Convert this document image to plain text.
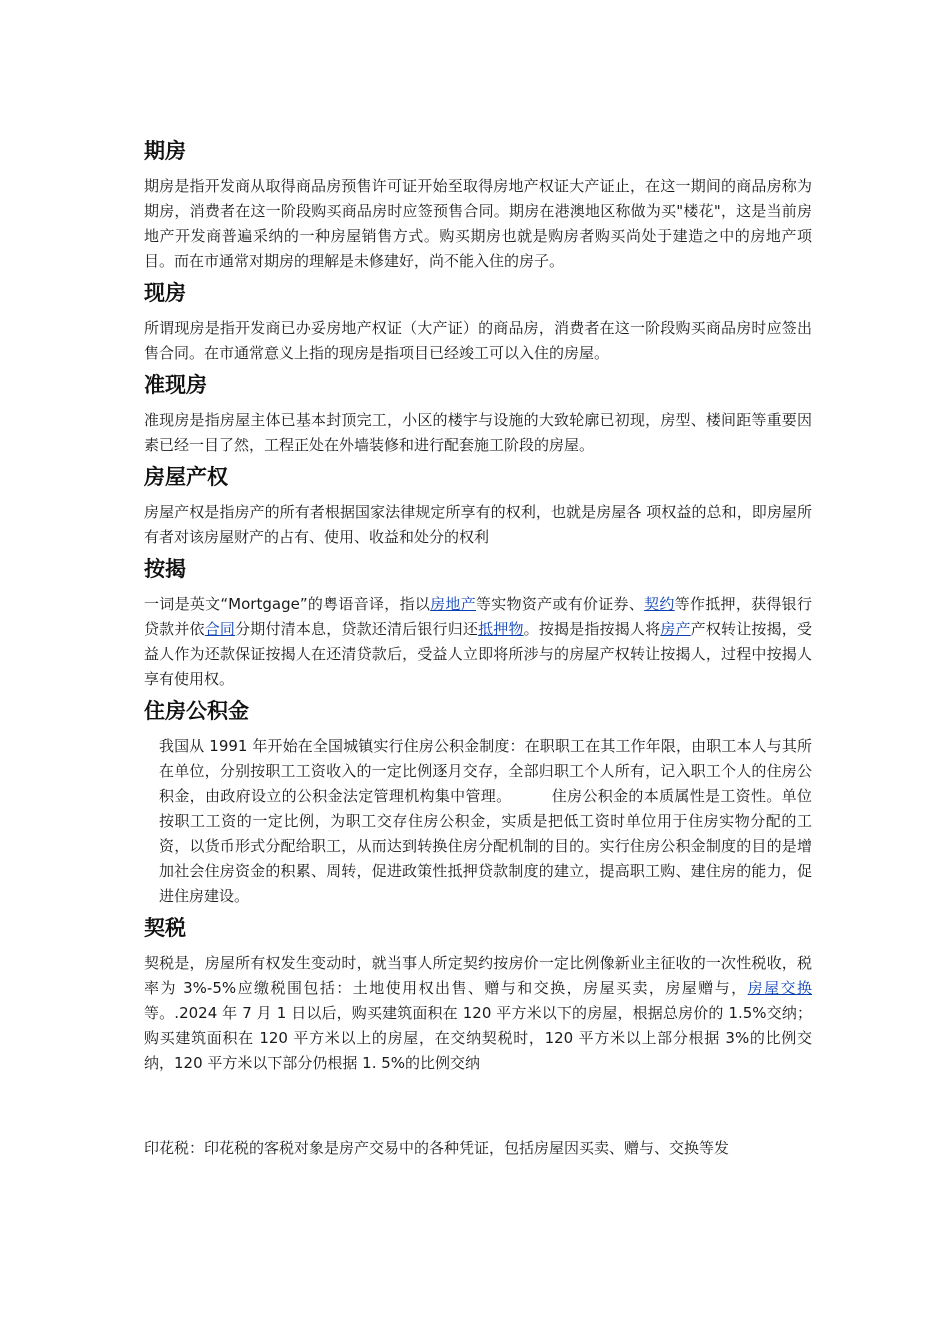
期房

期房是指开发商从取得商品房预售许可证开始至取得房地产权证大产证止，在这一期间的商品房称为期房，消费者在这一阶段购买商品房时应签预售合同。期房在港澳地区称做为买"楼花"，这是当前房地产开发商普遍采纳的一种房屋销售方式。购买期房也就是购房者购买尚处于建造之中的房地产项目。而在市通常对期房的理解是未修建好，尚不能入住的房子。

现房

所谓现房是指开发商已办妥房地产权证（大产证）的商品房，消费者在这一阶段购买商品房时应签出售合同。在市通常意义上指的现房是指项目已经竣工可以入住的房屋。

准现房

准现房是指房屋主体已基本封顶完工，小区的楼宇与设施的大致轮廓已初现，房型、楼间距等重要因素已经一目了然，工程正处在外墙装修和进行配套施工阶段的房屋。

房屋产权

房屋产权是指房产的所有者根据国家法律规定所享有的权利，也就是房屋各 项权益的总和，即房屋所有者对该房屋财产的占有、使用、收益和处分的权利

按揭

一词是英文“Mortgage”的粤语音译，指以房地产等实物资产或有价证券、契约等作抵押，获得银行贷款并依合同分期付清本息，贷款还清后银行归还抵押物。按揭是指按揭人将房产产权转让按揭，受益人作为还款保证按揭人在还清贷款后，受益人立即将所涉与的房屋产权转让按揭人，过程中按揭人享有使用权。

住房公积金

我国从 1991 年开始在全国城镇实行住房公积金制度：在职职工在其工作年限，由职工本人与其所在单位，分别按职工工资收入的一定比例逐月交存，全部归职工个人所有，记入职工个人的住房公积金，由政府设立的公积金法定管理机构集中管理。	住房公积金的本质属性是工资性。单位按职工工资的一定比例，为职工交存住房公积金，实质是把低工资时单位用于住房实物分配的工资，以货币形式分配给职工，从而达到转换住房分配机制的目的。实行住房公积金制度的目的是增加社会住房资金的积累、周转，促进政策性抵押贷款制度的建立，提高职工购、建住房的能力，促进住房建设。

契税

契税是，房屋所有权发生变动时，就当事人所定契约按房价一定比例像新业主征收的一次性税收，税率为 3%-5%应缴税围包括：土地使用权出售、赠与和交换，房屋买卖，房屋赠与，房屋交换等。.2024 年 7 月 1 日以后，购买建筑面积在 120 平方米以下的房屋，根据总房价的 1.5%交纳；购买建筑面积在 120 平方米以上的房屋，在交纳契税时，120 平方米以上部分根据 3%的比例交纳，120 平方米以下部分仍根据 1. 5%的比例交纳

印花税：印花税的客税对象是房产交易中的各种凭证，包括房屋因买卖、赠与、交换等发
